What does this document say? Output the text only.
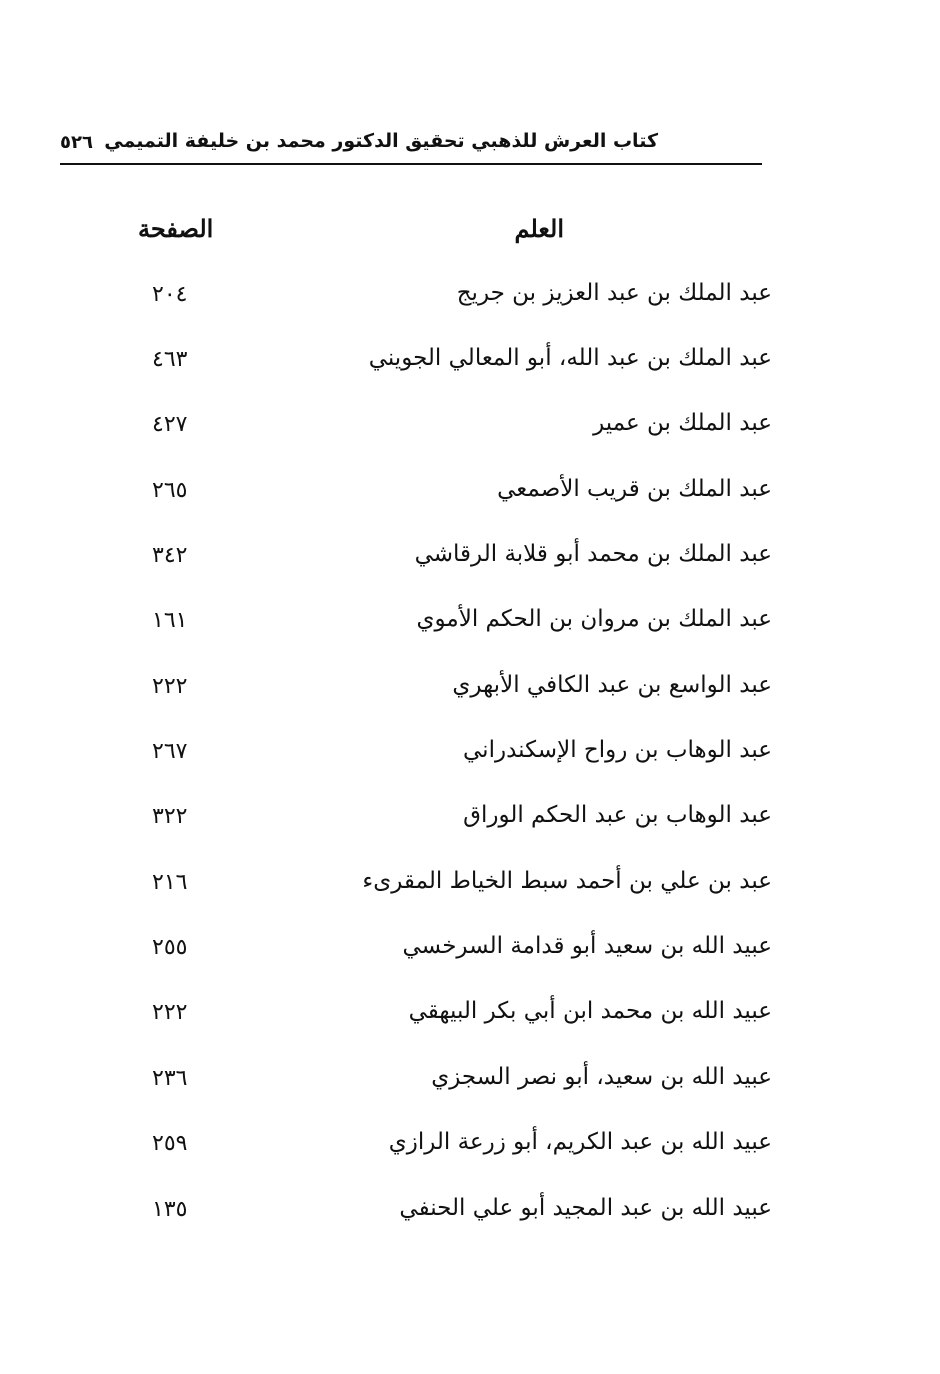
كتاب العرش للذهبي تحقيق الدكتور محمد بن خليفة التميمي
٥٢٦
العلم
الصفحة
عبد الملك بن عبد العزيز بن جريج
٢٠٤
عبد الملك بن عبد الله، أبو المعالي الجويني
٤٦٣
عبد الملك بن عمير
٤٢٧
عبد الملك بن قريب الأصمعي
٢٦٥
عبد الملك بن محمد أبو قلابة الرقاشي
٣٤٢
عبد الملك بن مروان بن الحكم الأموي
١٦١
عبد الواسع بن عبد الكافي الأبهري
٢٢٢
عبد الوهاب بن رواح الإسكندراني
٢٦٧
عبد الوهاب بن عبد الحكم الوراق
٣٢٢
عبد بن علي بن أحمد سبط الخياط المقرىء
٢١٦
عبيد الله بن سعيد أبو قدامة السرخسي
٢٥٥
عبيد الله بن محمد ابن أبي بكر البيهقي
٢٢٢
عبيد الله بن سعيد، أبو نصر السجزي
٢٣٦
عبيد الله بن عبد الكريم، أبو زرعة الرازي
٢٥٩
عبيد الله بن عبد المجيد أبو علي الحنفي
١٣٥
